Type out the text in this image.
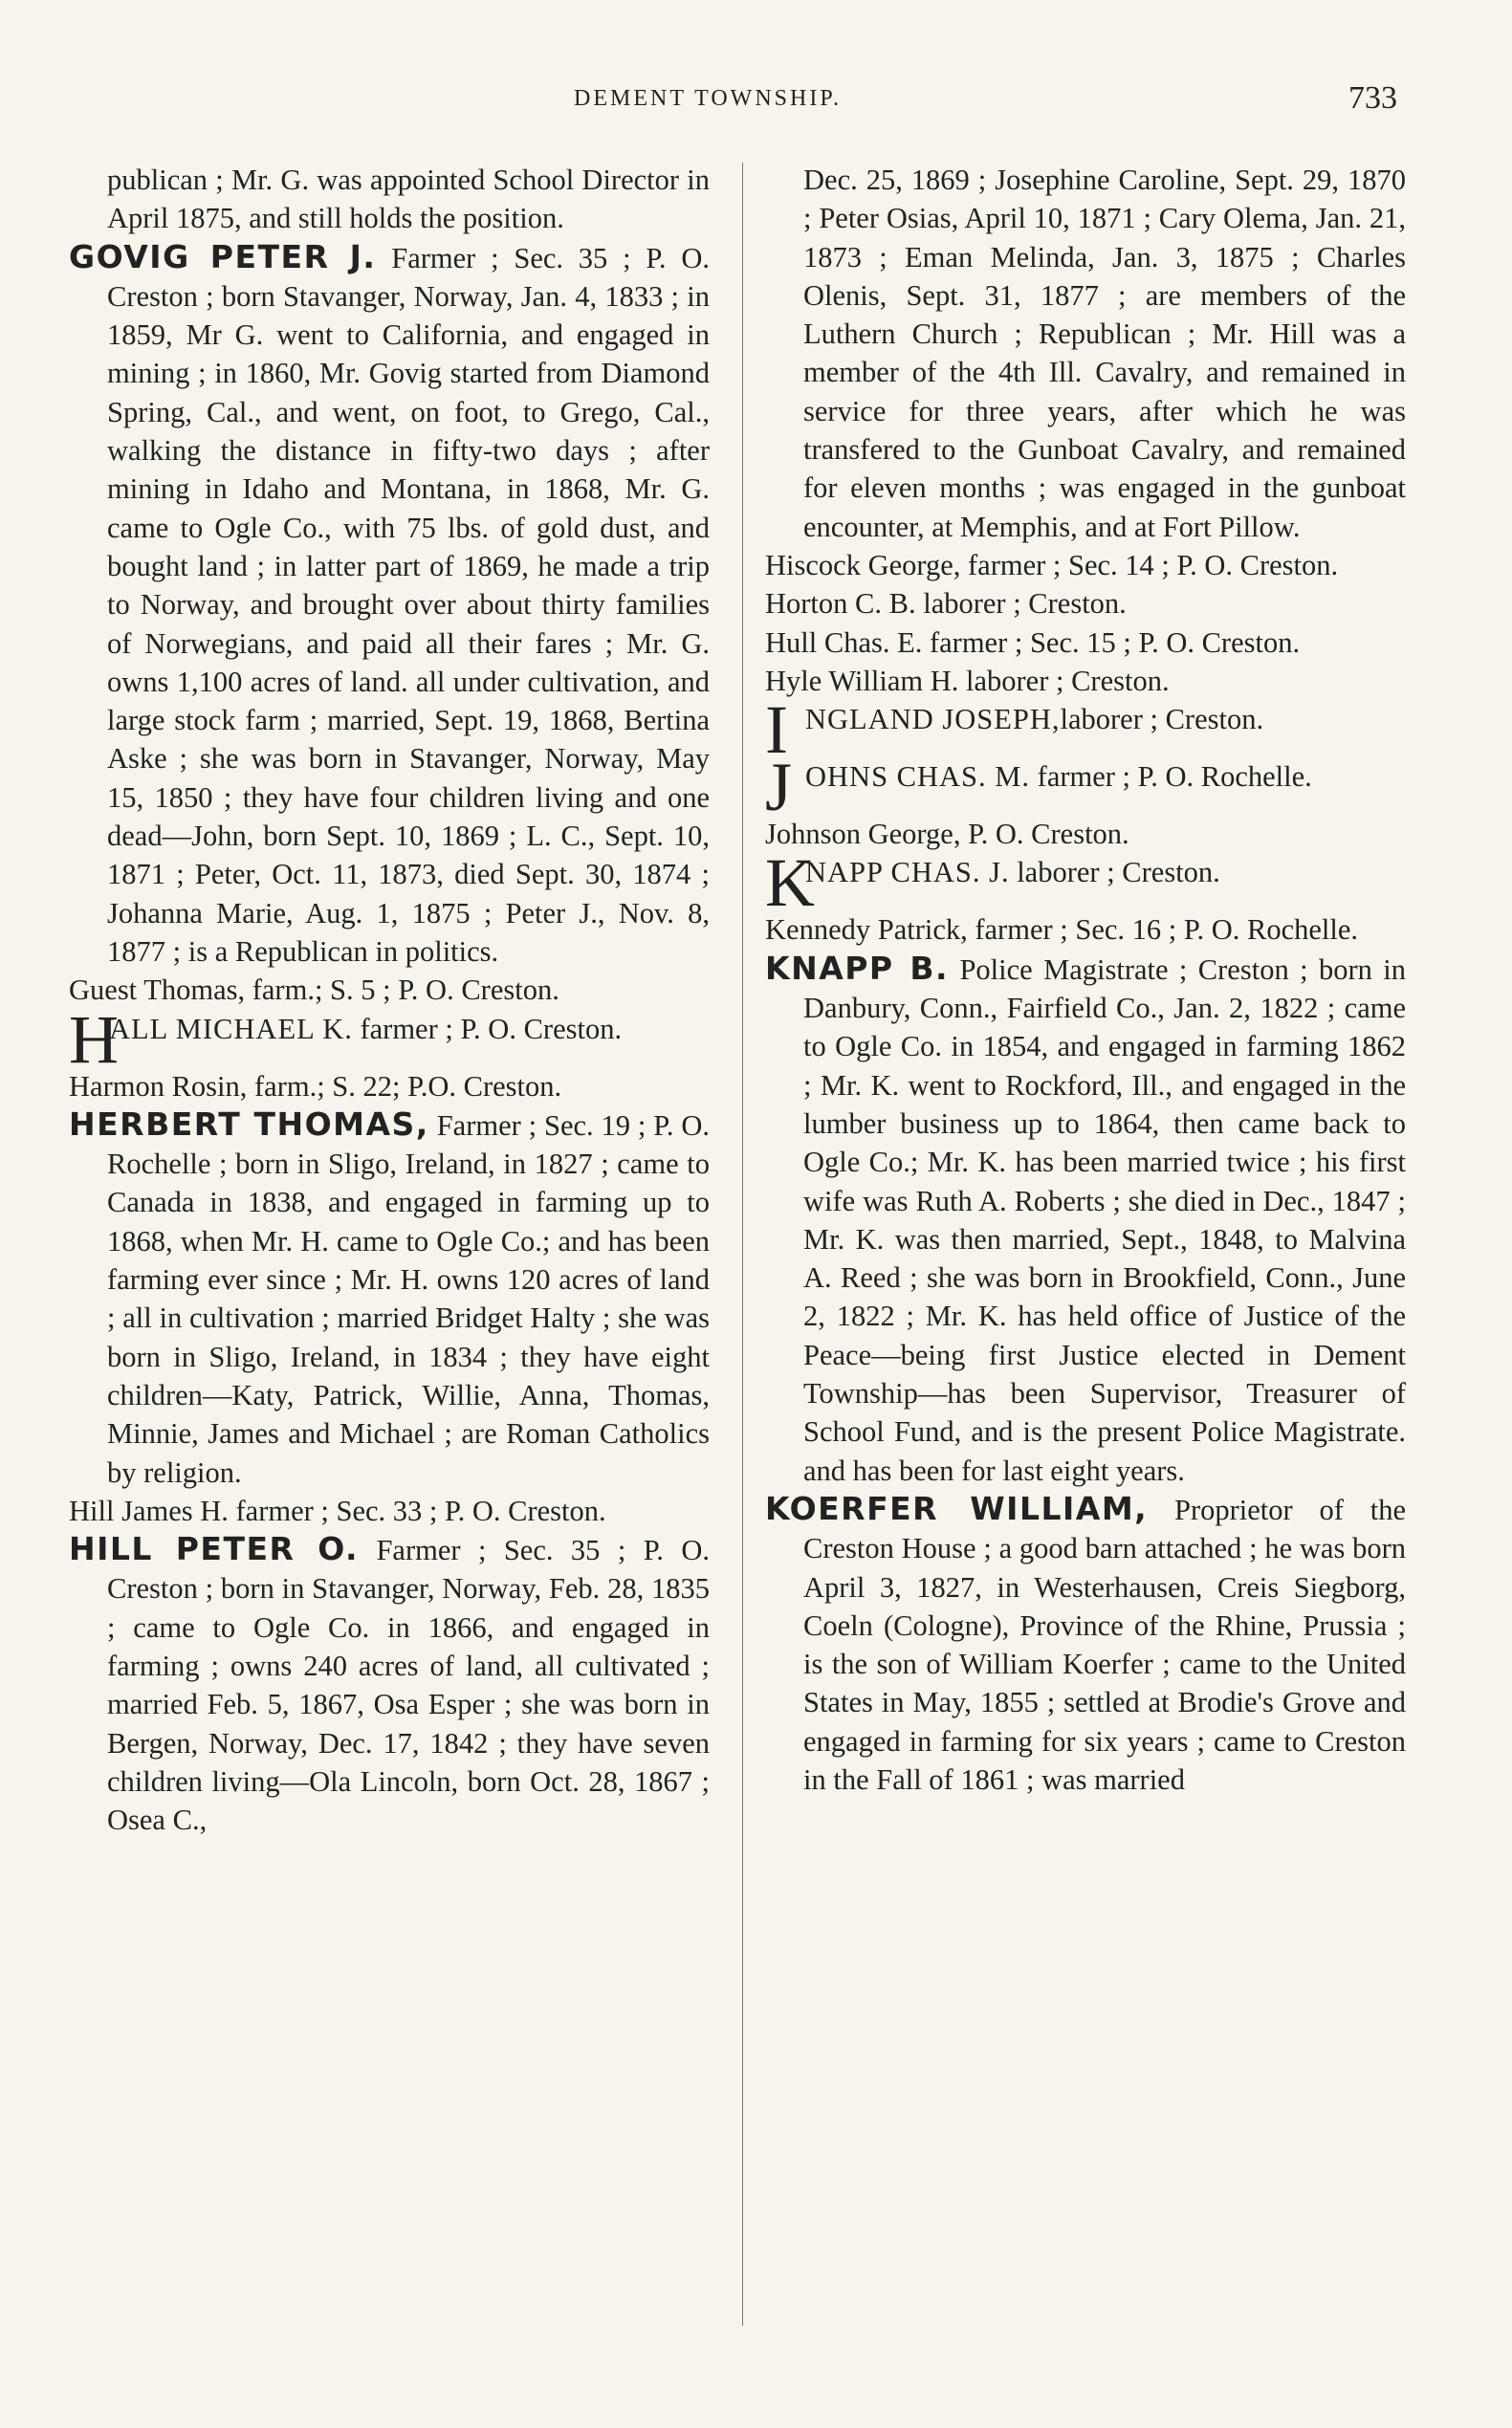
DEMENT TOWNSHIP.	733

publican ; Mr. G. was appointed School Director in April 1875, and still holds the position.

GOVIG PETER J. Farmer ; Sec. 35 ; P. O. Creston ; born Stavanger, Norway, Jan. 4, 1833 ; in 1859, Mr G. went to California, and engaged in mining ; in 1860, Mr. Govig started from Diamond Spring, Cal., and went, on foot, to Grego, Cal., walking the distance in fifty-two days ; after mining in Idaho and Montana, in 1868, Mr. G. came to Ogle Co., with 75 lbs. of gold dust, and bought land ; in latter part of 1869, he made a trip to Norway, and brought over about thirty families of Norwegians, and paid all their fares ; Mr. G. owns 1,100 acres of land. all under cultivation, and large stock farm ; married, Sept. 19, 1868, Bertina Aske ; she was born in Stavanger, Norway, May 15, 1850 ; they have four children living and one dead—John, born Sept. 10, 1869 ; L. C., Sept. 10, 1871 ; Peter, Oct. 11, 1873, died Sept. 30, 1874 ; Johanna Marie, Aug. 1, 1875 ; Peter J., Nov. 8, 1877 ; is a Republican in politics.

Guest Thomas, farm.; S. 5 ; P. O. Creston.

H
ALL MICHAEL K. farmer ; P. O. Creston.

Harmon Rosin, farm.; S. 22; P.O. Creston.

HERBERT THOMAS, Farmer ; Sec. 19 ; P. O. Rochelle ; born in Sligo, Ireland, in 1827 ; came to Canada in 1838, and engaged in farming up to 1868, when Mr. H. came to Ogle Co.; and has been farming ever since ; Mr. H. owns 120 acres of land ; all in cultivation ; married Bridget Halty ; she was born in Sligo, Ireland, in 1834 ; they have eight children—Katy, Patrick, Willie, Anna, Thomas, Minnie, James and Michael ; are Roman Catholics by religion.

Hill James H. farmer ; Sec. 33 ; P. O. Creston.

HILL PETER O. Farmer ; Sec. 35 ; P. O. Creston ; born in Stavanger, Norway, Feb. 28, 1835 ; came to Ogle Co. in 1866, and engaged in farming ; owns 240 acres of land, all cultivated ; married Feb. 5, 1867, Osa Esper ; she was born in Bergen, Norway, Dec. 17, 1842 ; they have seven children living—Ola Lincoln, born Oct. 28, 1867 ; Osea C.,

Dec. 25, 1869 ; Josephine Caroline, Sept. 29, 1870 ; Peter Osias, April 10, 1871 ; Cary Olema, Jan. 21, 1873 ; Eman Melinda, Jan. 3, 1875 ; Charles Olenis, Sept. 31, 1877 ; are members of the Luthern Church ; Republican ; Mr. Hill was a member of the 4th Ill. Cavalry, and remained in service for three years, after which he was transfered to the Gunboat Cavalry, and remained for eleven months ; was engaged in the gunboat encounter, at Memphis, and at Fort Pillow.

Hiscock George, farmer ; Sec. 14 ; P. O. Creston.

Horton C. B. laborer ; Creston.

Hull Chas. E. farmer ; Sec. 15 ; P. O. Creston.

Hyle William H. laborer ; Creston.

I NGLAND JOSEPH,laborer ; Creston.
J OHNS CHAS. M. farmer ; P. O. Rochelle.

Johnson George, P. O. Creston.

K
NAPP CHAS. J. laborer ; Creston.

Kennedy Patrick, farmer ; Sec. 16 ; P. O. Rochelle.

KNAPP B. Police Magistrate ; Creston ; born in Danbury, Conn., Fairfield Co., Jan. 2, 1822 ; came to Ogle Co. in 1854, and engaged in farming 1862 ; Mr. K. went to Rockford, Ill., and engaged in the lumber business up to 1864, then came back to Ogle Co.; Mr. K. has been married twice ; his first wife was Ruth A. Roberts ; she died in Dec., 1847 ; Mr. K. was then married, Sept., 1848, to Malvina A. Reed ; she was born in Brookfield, Conn., June 2, 1822 ; Mr. K. has held office of Justice of the Peace—being first Justice elected in Dement Township—has been Supervisor, Treasurer of School Fund, and is the present Police Magistrate. and has been for last eight years.

KOERFER WILLIAM, Proprietor of the Creston House ; a good barn attached ; he was born April 3, 1827, in Westerhausen, Creis Siegborg, Coeln (Cologne), Province of the Rhine, Prussia ; is the son of William Koerfer ; came to the United States in May, 1855 ; settled at Brodie's Grove and engaged in farming for six years ; came to Creston in the Fall of 1861 ; was married
